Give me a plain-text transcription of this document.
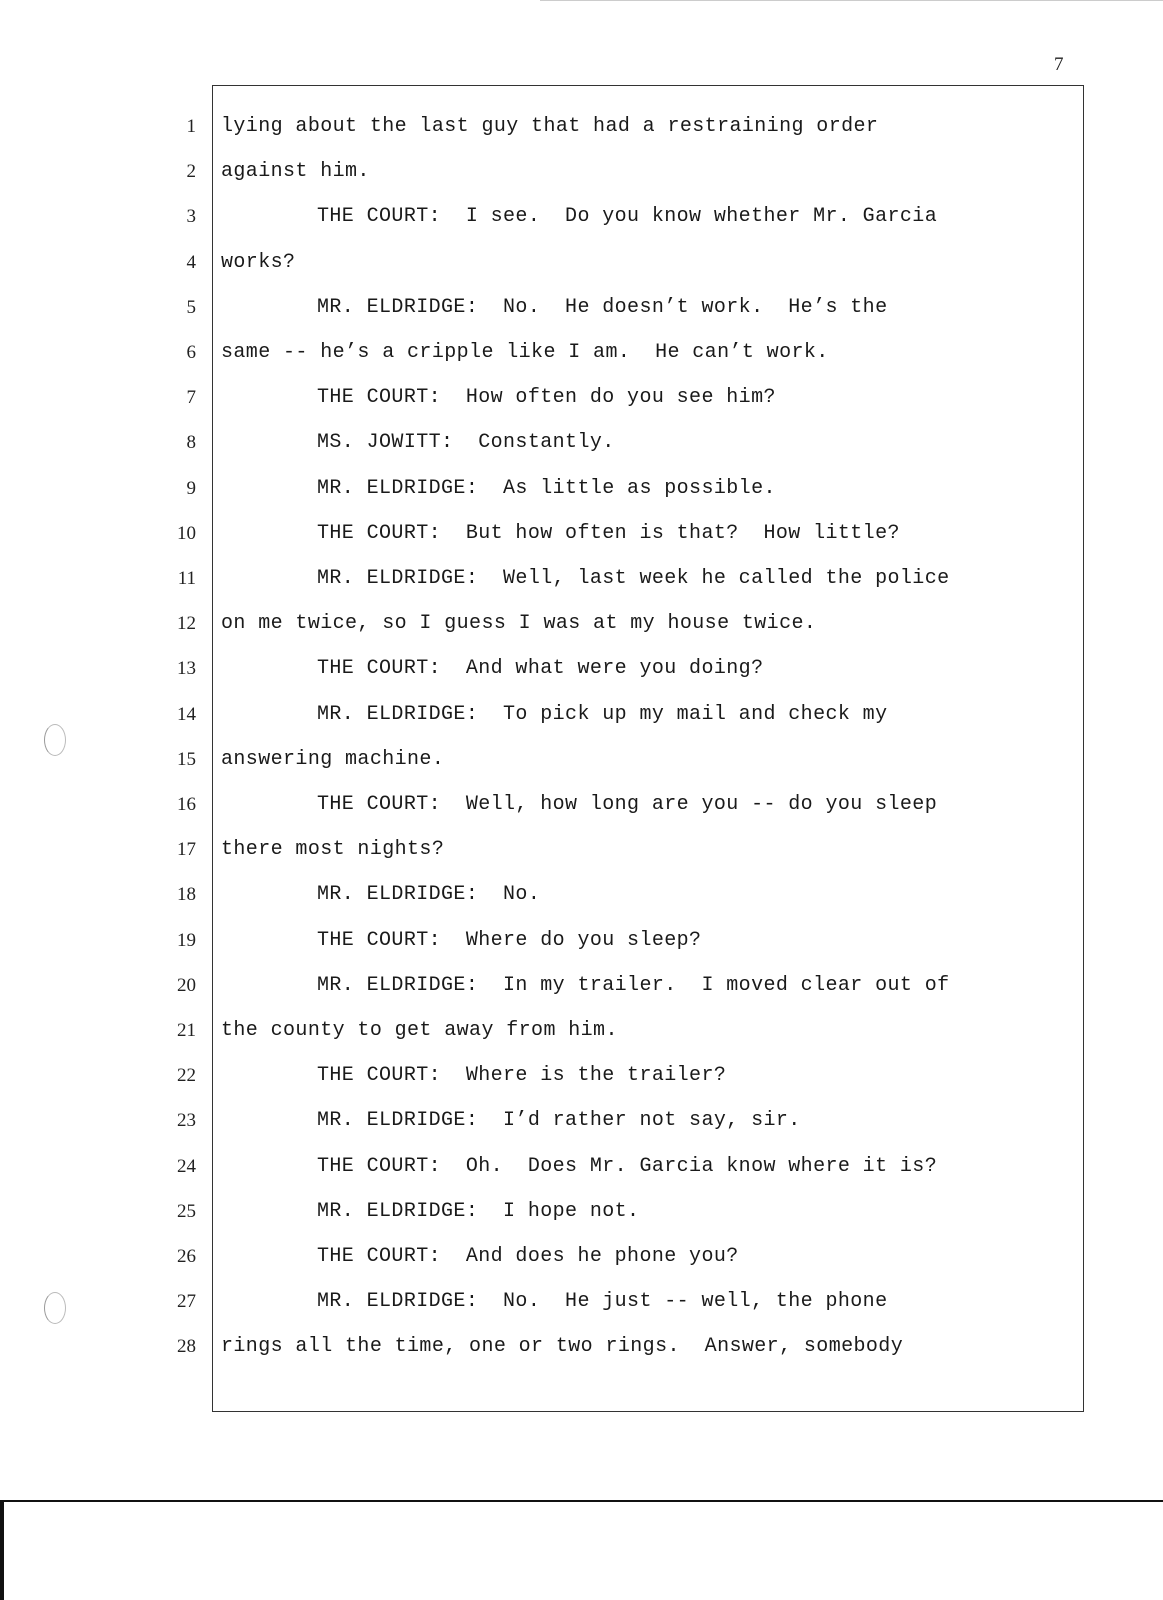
7
1 lying about the last guy that had a restraining order
2 against him.
3	THE COURT:  I see.  Do you know whether Mr. Garcia
4 works?
5	MR. ELDRIDGE:  No.  He doesn’t work.  He’s the
6 same -- he’s a cripple like I am.  He can’t work.
7	THE COURT:  How often do you see him?
8	MS. JOWITT:  Constantly.
9	MR. ELDRIDGE:  As little as possible.
10	THE COURT:  But how often is that?  How little?
11	MR. ELDRIDGE:  Well, last week he called the police
12 on me twice, so I guess I was at my house twice.
13	THE COURT:  And what were you doing?
14	MR. ELDRIDGE:  To pick up my mail and check my
15 answering machine.
16	THE COURT:  Well, how long are you -- do you sleep
17 there most nights?
18	MR. ELDRIDGE:  No.
19	THE COURT:  Where do you sleep?
20	MR. ELDRIDGE:  In my trailer.  I moved clear out of
21 the county to get away from him.
22	THE COURT:  Where is the trailer?
23	MR. ELDRIDGE:  I’d rather not say, sir.
24	THE COURT:  Oh.  Does Mr. Garcia know where it is?
25	MR. ELDRIDGE:  I hope not.
26	THE COURT:  And does he phone you?
27	MR. ELDRIDGE:  No.  He just -- well, the phone
28 rings all the time, one or two rings.  Answer, somebody
